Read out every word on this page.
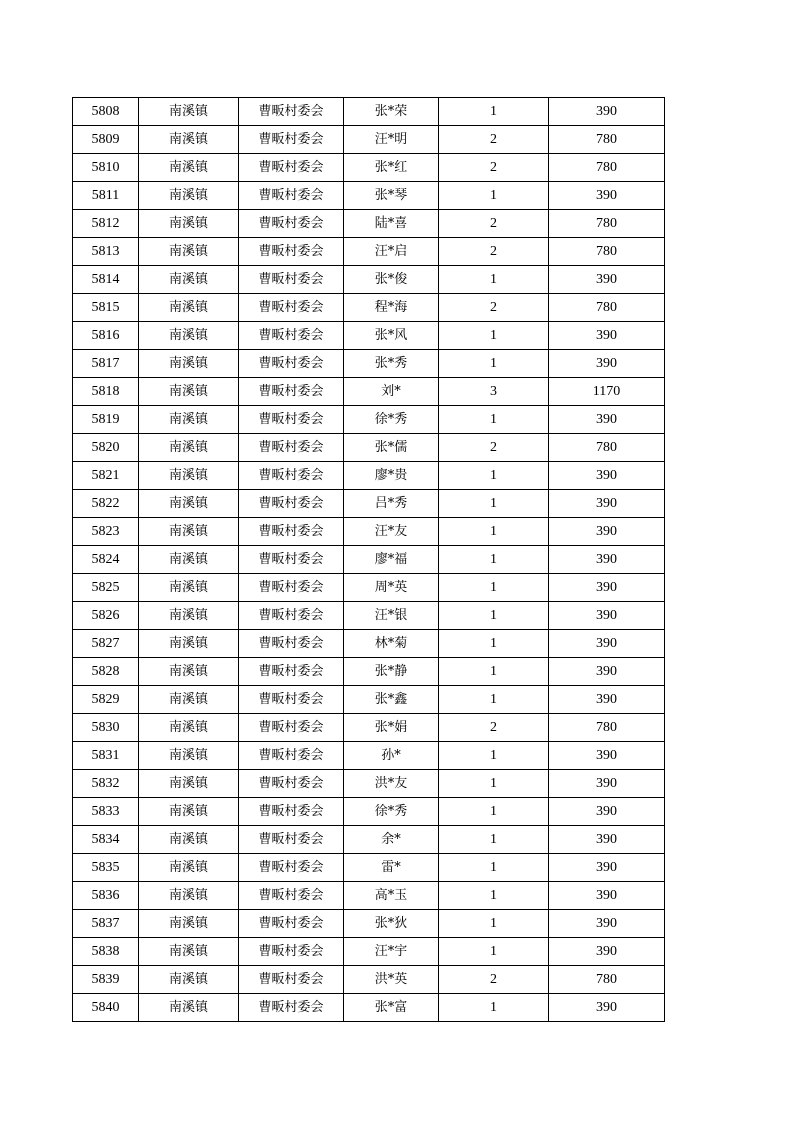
5808	南溪镇	曹畈村委会	张*荣	1	390
5809	南溪镇	曹畈村委会	汪*明	2	780
5810	南溪镇	曹畈村委会	张*红	2	780
5811	南溪镇	曹畈村委会	张*琴	1	390
5812	南溪镇	曹畈村委会	陆*喜	2	780
5813	南溪镇	曹畈村委会	汪*启	2	780
5814	南溪镇	曹畈村委会	张*俊	1	390
5815	南溪镇	曹畈村委会	程*海	2	780
5816	南溪镇	曹畈村委会	张*风	1	390
5817	南溪镇	曹畈村委会	张*秀	1	390
5818	南溪镇	曹畈村委会	刘*	3	1170
5819	南溪镇	曹畈村委会	徐*秀	1	390
5820	南溪镇	曹畈村委会	张*儒	2	780
5821	南溪镇	曹畈村委会	廖*贵	1	390
5822	南溪镇	曹畈村委会	吕*秀	1	390
5823	南溪镇	曹畈村委会	汪*友	1	390
5824	南溪镇	曹畈村委会	廖*福	1	390
5825	南溪镇	曹畈村委会	周*英	1	390
5826	南溪镇	曹畈村委会	汪*银	1	390
5827	南溪镇	曹畈村委会	林*菊	1	390
5828	南溪镇	曹畈村委会	张*静	1	390
5829	南溪镇	曹畈村委会	张*鑫	1	390
5830	南溪镇	曹畈村委会	张*娟	2	780
5831	南溪镇	曹畈村委会	孙*	1	390
5832	南溪镇	曹畈村委会	洪*友	1	390
5833	南溪镇	曹畈村委会	徐*秀	1	390
5834	南溪镇	曹畈村委会	余*	1	390
5835	南溪镇	曹畈村委会	雷*	1	390
5836	南溪镇	曹畈村委会	高*玉	1	390
5837	南溪镇	曹畈村委会	张*狄	1	390
5838	南溪镇	曹畈村委会	汪*宇	1	390
5839	南溪镇	曹畈村委会	洪*英	2	780
5840	南溪镇	曹畈村委会	张*富	1	390
